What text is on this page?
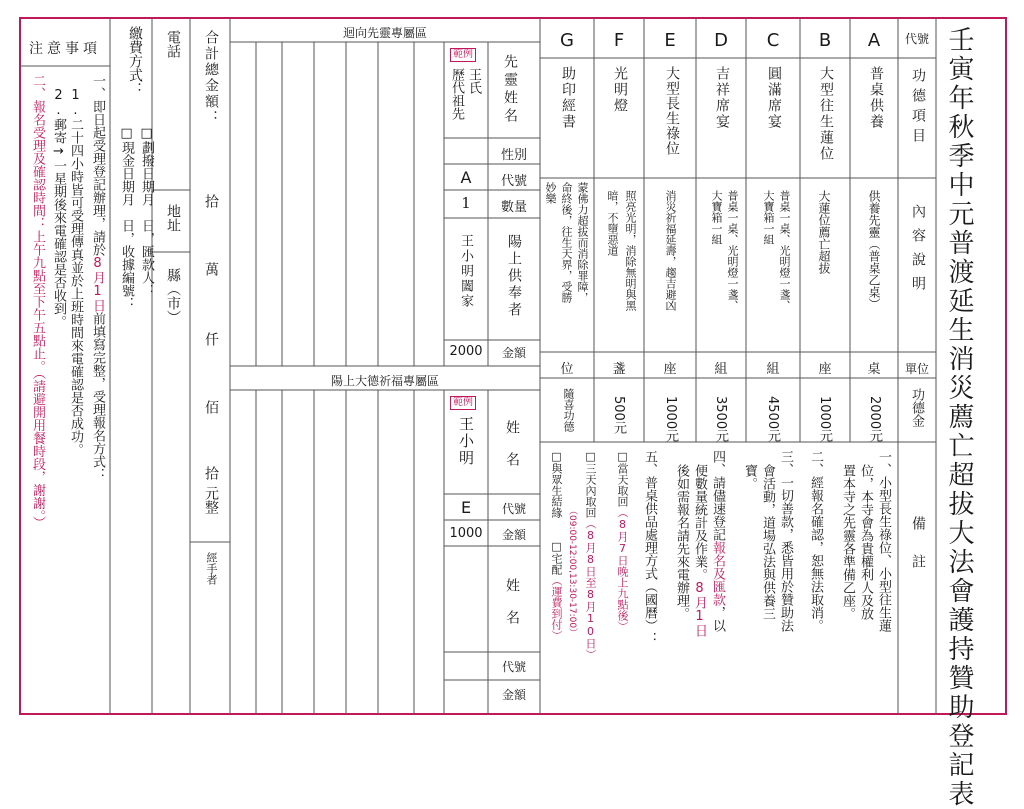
壬寅年秋季中元普渡延生消災薦亡超拔大法會護持贊助登記表
代號
功德項目
內容說明
單位
功德金
備註
A
普桌供養
供養先靈（普桌乙桌）
桌
2000元
B
大型往生蓮位
大蓮位薦亡超拔
座
1000元
C
圓滿席宴
普桌一桌、光明燈一盞、
大寶箱一組
組
4500元
D
吉祥席宴
普桌一桌、光明燈一盞、
大寶箱一組
組
3500元
E
大型長生祿位
消災祈福延壽，趨吉避凶
座
1000元
F
光明燈
照亮光明，消除無明與黑
暗，不墮惡道
盞
500元
G
助印經書
蒙佛力超拔而消除罪障，
命終後，往生天界，受勝
妙樂
位
隨喜功德
一、小型長生祿位、小型往生蓮
位，本寺會為貴權利人及放
置本寺之先靈各準備乙座。
二、經報名確認，恕無法取消。
三、一切善款，悉皆用於贊助法
會活動，道場弘法與供養三
寶。
四、請儘速登記報名及匯款，以
便數量統計及作業。8月1日
後如需報名請先來電辦理。
五、普桌供品處理方式（國曆）：
□當天取回（8月7日晚上九點後）
□三天內取回（8月8日至8月10日）
（09:00-12:00,13:30-17:00）
□與眾生結緣
□宅配（運費到付）
迴向先靈專屬區
先靈姓名
範例
王氏
歷代祖先
性別
代號
A
數量
1
陽上供奉者
王小明闔家
金額
2000
陽上大德祈福專屬區
範例
王小明 姓名
代號
E
金額
1000
姓名
代號
金額
合計總金額：
拾
萬
仟
佰
拾
元整
經手者
電話
地址
縣（市）
繳費方式：
□劃撥日期月　日，匯款人：
□現金日期月　日，收據編號：
注意事項
一、即日起受理登記辦理，請於8月1日前填寫完整，受理報名方式：
1.二十四小時皆可受理傳真並於上班時間來電確認是否成功。
二、報名受理及確認時間：上午九點至下午五點止。（請避開用餐時段，謝謝。） 2.郵寄→一星期後來電確認是否收到。
